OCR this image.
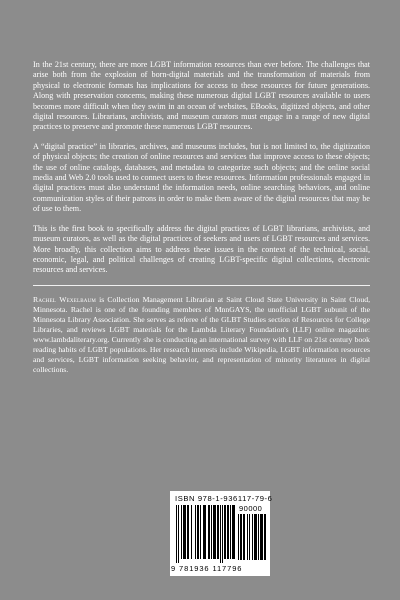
In the 21st century, there are more LGBT information resources than ever before. The challenges that arise both from the explosion of born-digital materials and the transformation of materials from physical to electronic formats has implications for access to these resources for future generations. Along with preservation concerns, making these numerous digital LGBT resources available to users becomes more difficult when they swim in an ocean of websites, EBooks, digitized objects, and other digital resources. Librarians, archivists, and museum curators must engage in a range of new digital practices to preserve and promote these numerous LGBT resources.

A “digital practice” in libraries, archives, and museums includes, but is not limited to, the digitization of physical objects; the creation of online resources and services that improve access to these objects; the use of online catalogs, databases, and metadata to categorize such objects; and the online social media and Web 2.0 tools used to connect users to these resources. Information professionals engaged in digital practices must also understand the information needs, online searching behaviors, and online communication styles of their patrons in order to make them aware of the digital resources that may be of use to them.

This is the first book to specifically address the digital practices of LGBT librarians, archivists, and museum curators, as well as the digital practices of seekers and users of LGBT resources and services. More broadly, this collection aims to address these issues in the context of the technical, social, economic, legal, and political challenges of creating LGBT-specific digital collections, electronic resources and services.

Rachel Wexelbaum is Collection Management Librarian at Saint Cloud State University in Saint Cloud, Minnesota. Rachel is one of the founding members of MnnGAYS, the unofficial LGBT subunit of the Minnesota Library Association. She serves as referee of the GLBT Studies section of Resources for College Libraries, and reviews LGBT materials for the Lambda Literary Foundation's (LLF) online magazine: www.lambdaliterary.org. Currently she is conducting an international survey with LLF on 21st century book reading habits of LGBT populations. Her research interests include Wikipedia, LGBT information resources and services, LGBT information seeking behavior, and representation of minority literatures in digital collections.

ISBN 978-1-936117-79-6
90000
9 781936 117796
